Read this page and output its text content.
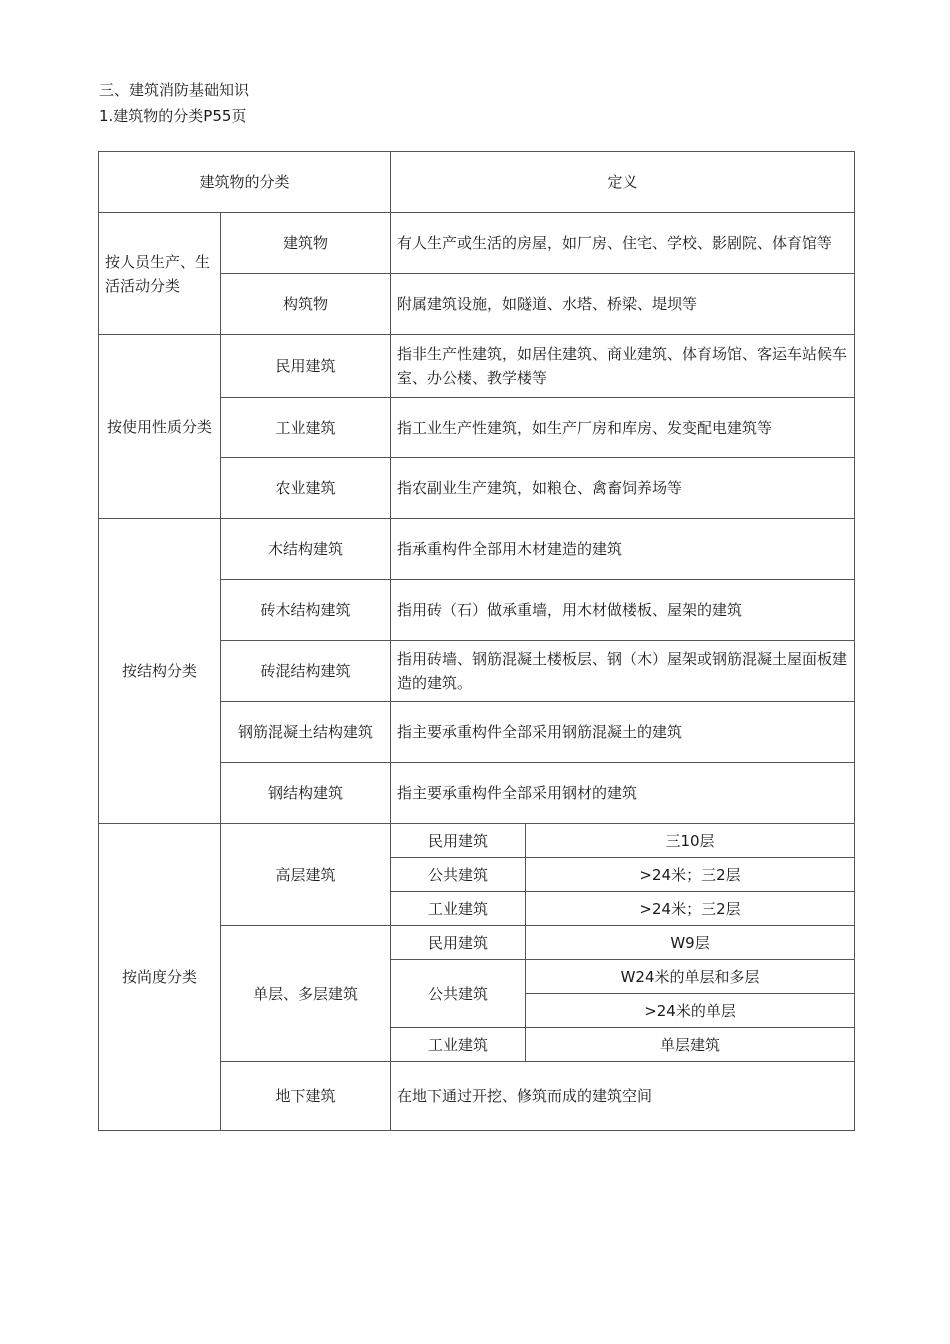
三、建筑消防基础知识
1.建筑物的分类P55页
建筑物的分类		定义	
按人员生产、生活活动分类	建筑物	有人生产或生活的房屋，如厂房、住宅、学校、影剧院、体育馆等	
	构筑物	附属建筑设施，如隧道、水塔、桥梁、堤坝等	
按使用性质分类	民用建筑	指非生产性建筑，如居住建筑、商业建筑、体育场馆、客运车站候车室、办公楼、教学楼等	
	工业建筑	指工业生产性建筑，如生产厂房和库房、发变配电建筑等	
	农业建筑	指农副业生产建筑，如粮仓、禽畜饲养场等	
按结构分类	木结构建筑	指承重构件全部用木材建造的建筑	
	砖木结构建筑	指用砖（石）做承重墙，用木材做楼板、屋架的建筑	
	砖混结构建筑	指用砖墙、钢筋混凝土楼板层、钢（木）屋架或钢筋混凝土屋面板建造的建筑。	
	钢筋混凝土结构建筑	指主要承重构件全部采用钢筋混凝土的建筑	
	钢结构建筑	指主要承重构件全部采用钢材的建筑	
按尚度分类	高层建筑	民用建筑	三10层
		公共建筑	>24米；三2层
		工业建筑	>24米；三2层
	单层、多层建筑	民用建筑	W9层
		公共建筑	W24米的单层和多层
			>24米的单层
		工业建筑	单层建筑
	地下建筑	在地下通过开挖、修筑而成的建筑空间	
